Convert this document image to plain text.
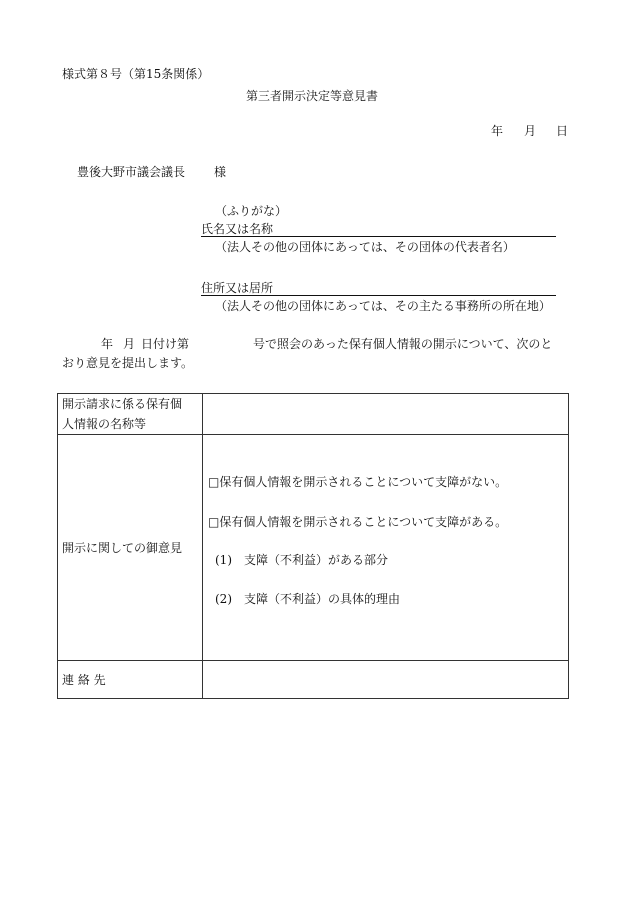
様式第８号（第15条関係）
第三者開示決定等意見書
年 月 日
豊後大野市議会議長 様
（ふりがな）
氏名又は名称
（法人その他の団体にあっては、その団体の代表者名）
住所又は居所
（法人その他の団体にあっては、その主たる事務所の所在地）
年 月 日付け第	号で照会のあった保有個人情報の開示について、次のと
おり意見を提出します。
開示請求に係る保有個
人情報の名称等	

開示に関しての御意見	□保有個人情報を開示されることについて支障がない。
□保有個人情報を開示されることについて支障がある。
(1)　支障（不利益）がある部分
(2)　支障（不利益）の具体的理由

連 絡 先	
